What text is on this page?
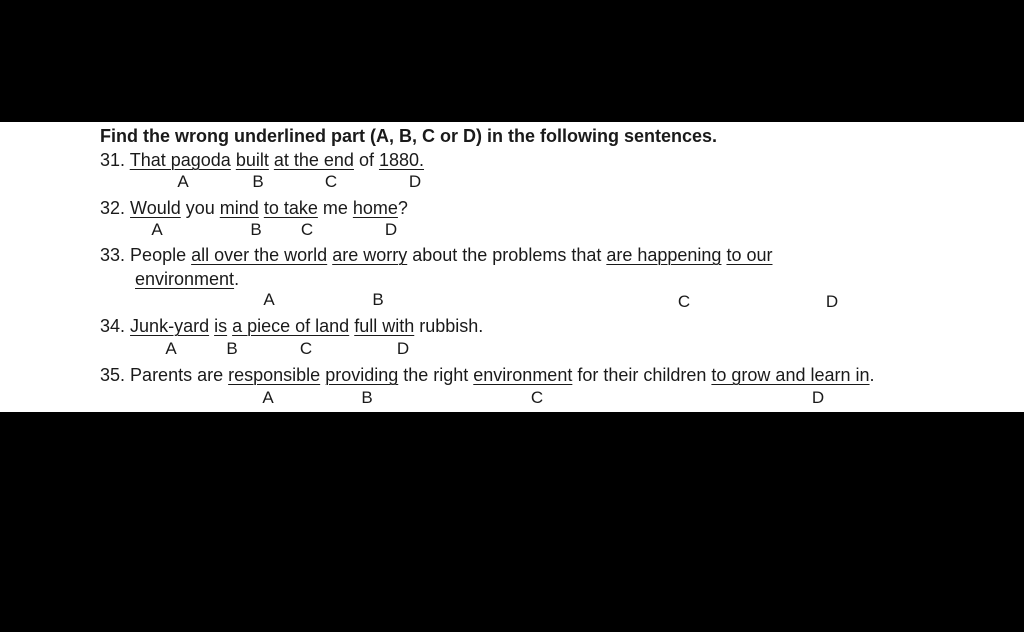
Find the wrong underlined part (A, B, C or D) in the following sentences.
31. That pagoda built at the end of 1880.
A	B	C	D
32. Would you mind to take me home?
A	B C	D
33. People all over the world are worry about the problems that are happening to our
environment.
A	B	C	D
34. Junk-yard is a piece of land full with rubbish.
A	B	C	D
35. Parents are responsible providing the right environment for their children to grow and learn in.
A	B	C	D
